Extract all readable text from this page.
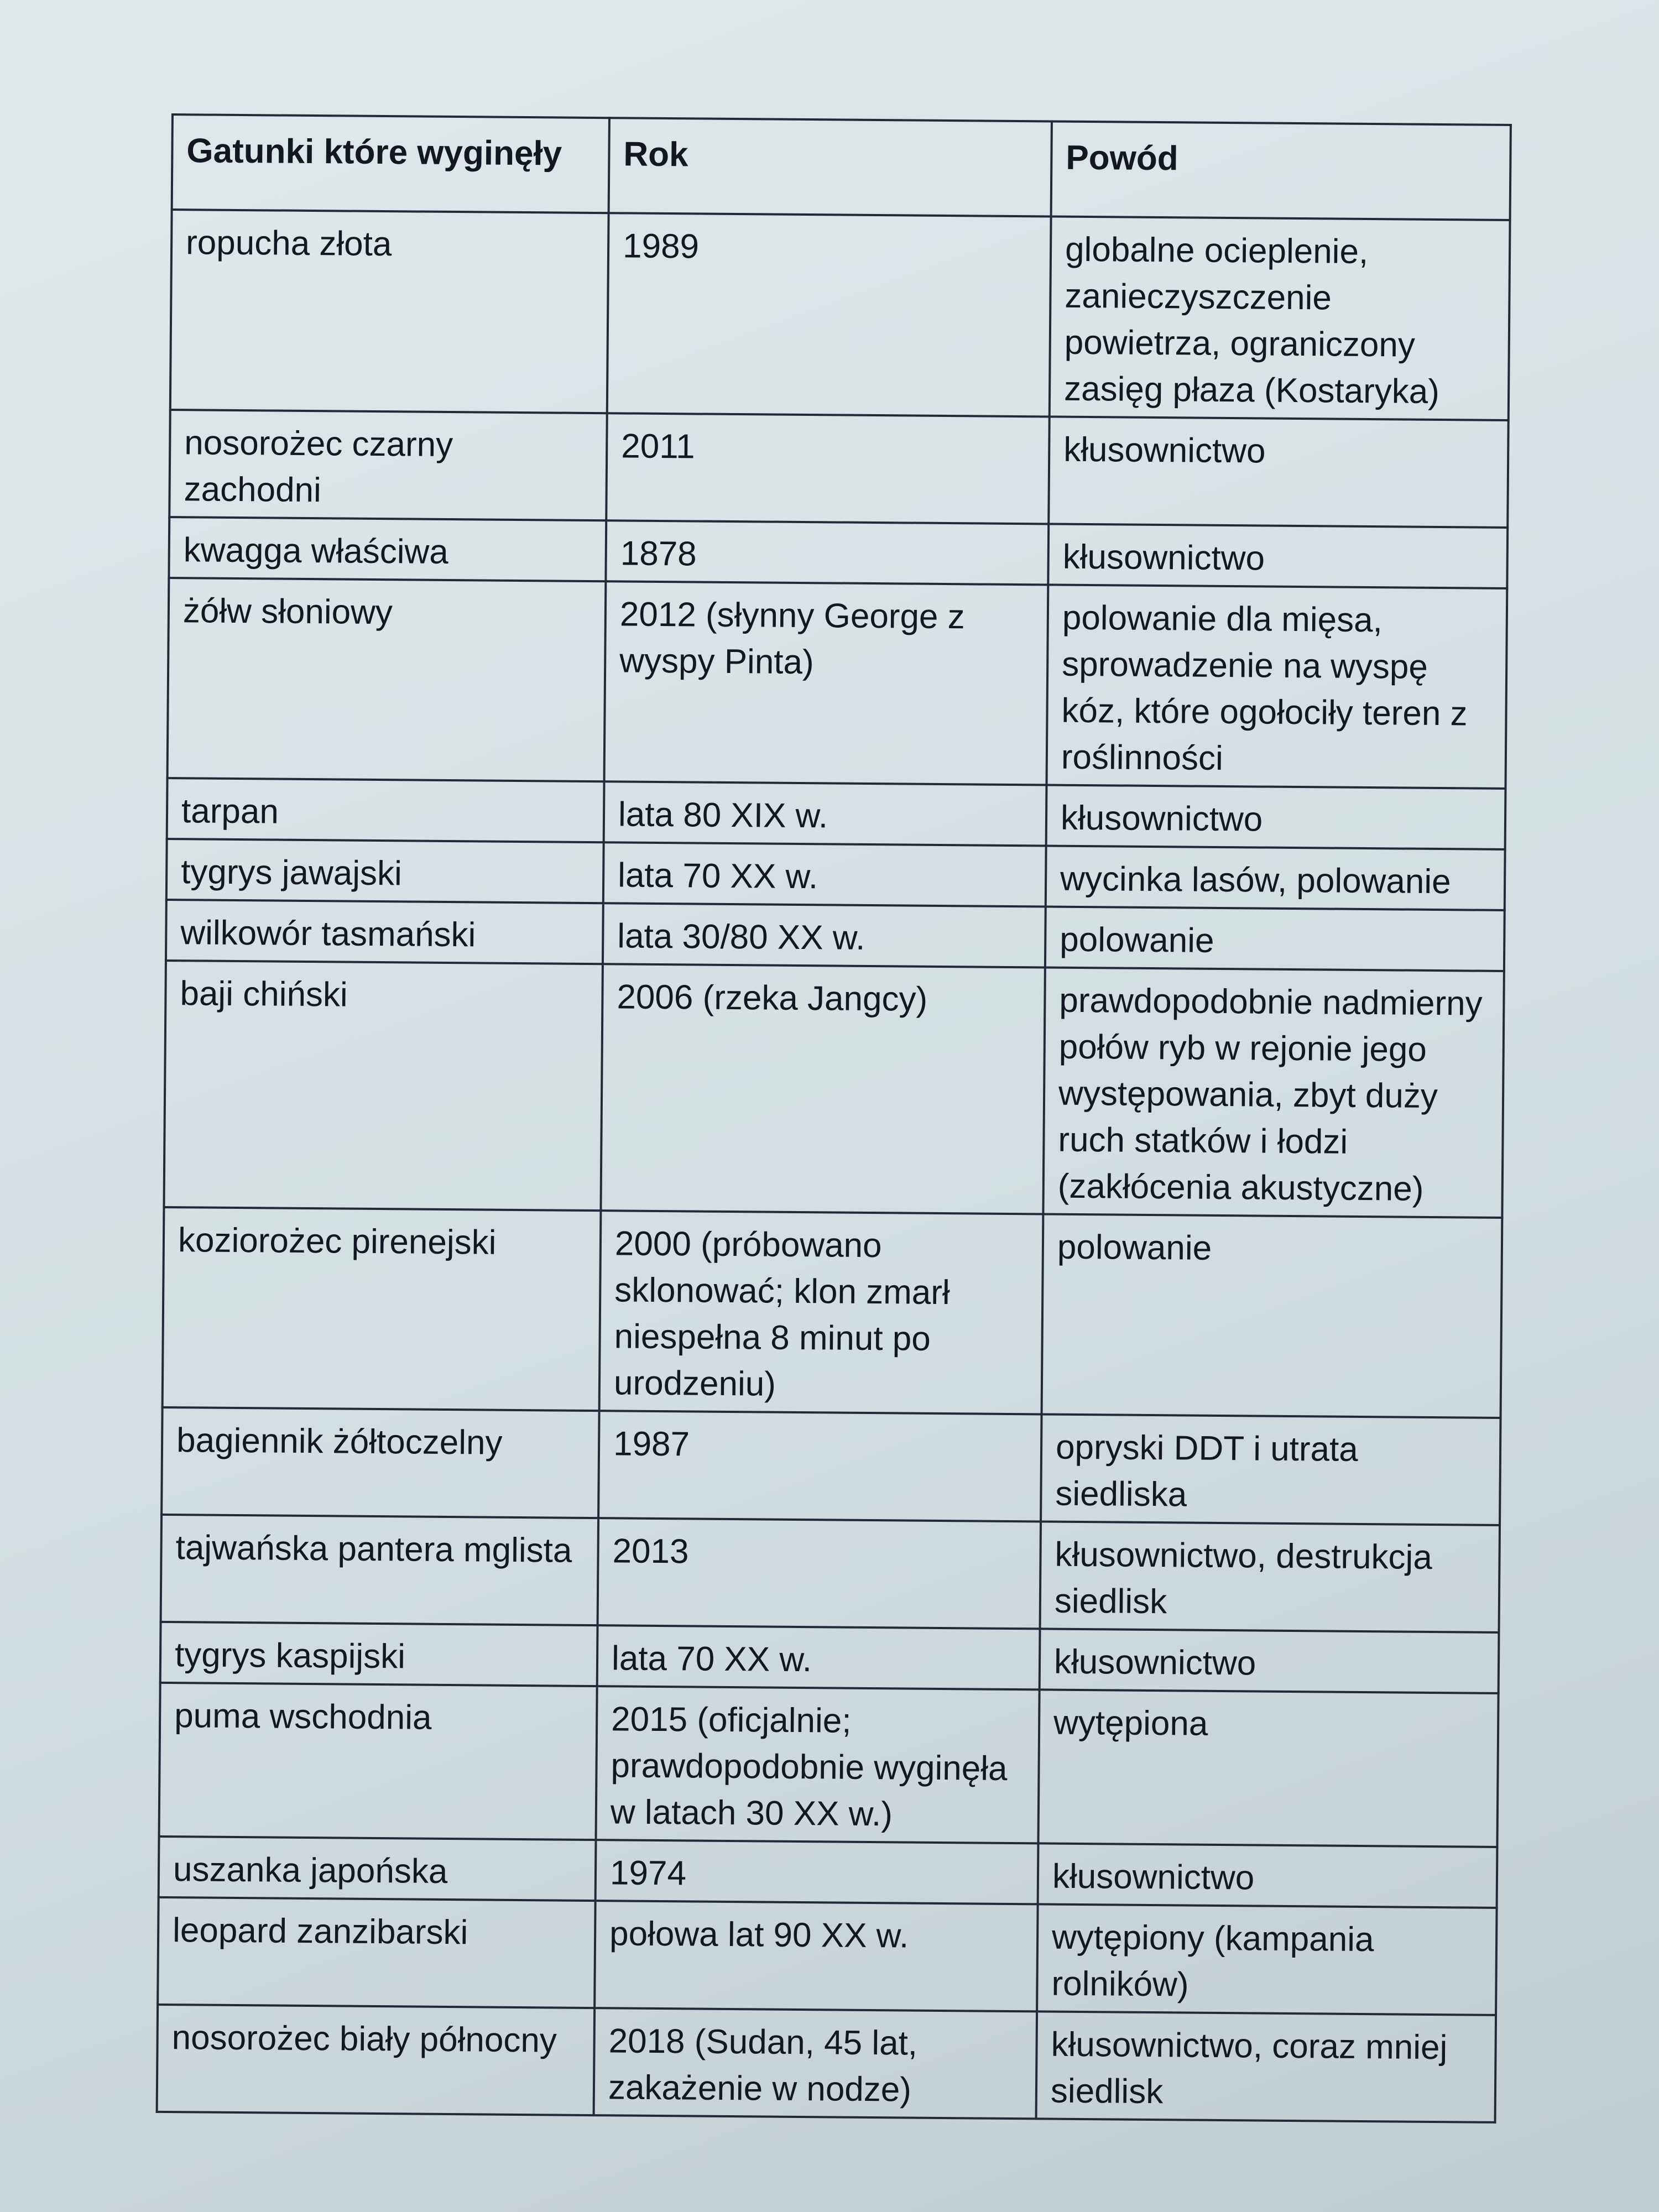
Gatunki które wyginęły	Rok	Powód
ropucha złota	1989	globalne ocieplenie, zanieczyszczenie powietrza, ograniczony zasięg płaza (Kostaryka)
nosorożec czarny zachodni	2011	kłusownictwo
kwagga właściwa	1878	kłusownictwo
żółw słoniowy	2012 (słynny George z wyspy Pinta)	polowanie dla mięsa, sprowadzenie na wyspę kóz, które ogołociły teren z roślinności
tarpan	lata 80 XIX w.	kłusownictwo
tygrys jawajski	lata 70 XX w.	wycinka lasów, polowanie
wilkowór tasmański	lata 30/80 XX w.	polowanie
baji chiński	2006 (rzeka Jangcy)	prawdopodobnie nadmierny połów ryb w rejonie jego występowania, zbyt duży ruch statków i łodzi (zakłócenia akustyczne)
koziorożec pirenejski	2000 (próbowano sklonować; klon zmarł niespełna 8 minut po urodzeniu)	polowanie
bagiennik żółtoczelny	1987	opryski DDT i utrata siedliska
tajwańska pantera mglista	2013	kłusownictwo, destrukcja siedlisk
tygrys kaspijski	lata 70 XX w.	kłusownictwo
puma wschodnia	2015 (oficjalnie; prawdopodobnie wyginęła w latach 30 XX w.)	wytępiona
uszanka japońska	1974	kłusownictwo
leopard zanzibarski	połowa lat 90 XX w.	wytępiony (kampania rolników)
nosorożec biały północny	2018 (Sudan, 45 lat, zakażenie w nodze)	kłusownictwo, coraz mniej siedlisk
